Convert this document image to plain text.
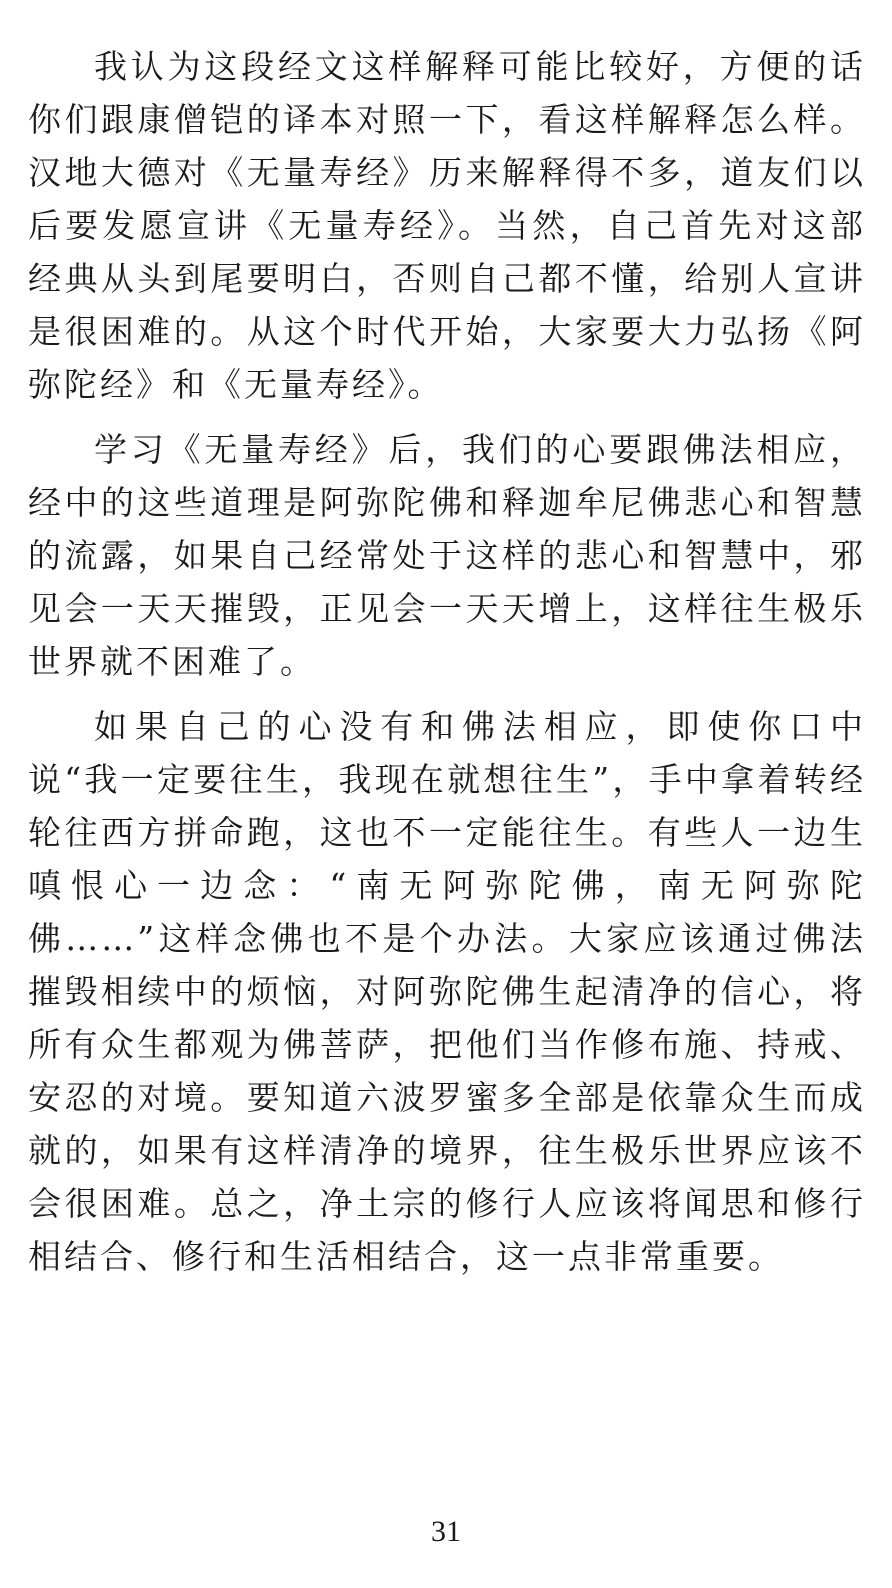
我认为这段经文这样解释可能比较好，方便的话你们跟康僧铠的译本对照一下，看这样解释怎么样。汉地大德对《无量寿经》历来解释得不多，道友们以后要发愿宣讲《无量寿经》。当然，自己首先对这部经典从头到尾要明白，否则自己都不懂，给别人宣讲是很困难的。从这个时代开始，大家要大力弘扬《阿弥陀经》和《无量寿经》。

学习《无量寿经》后，我们的心要跟佛法相应，经中的这些道理是阿弥陀佛和释迦牟尼佛悲心和智慧的流露，如果自己经常处于这样的悲心和智慧中，邪见会一天天摧毁，正见会一天天增上，这样往生极乐世界就不困难了。

如果自己的心没有和佛法相应，即使你口中说“我一定要往生，我现在就想往生”，手中拿着转经轮往西方拼命跑，这也不一定能往生。有些人一边生嗔恨心一边念：“南无阿弥陀佛，南无阿弥陀佛……”这样念佛也不是个办法。大家应该通过佛法摧毁相续中的烦恼，对阿弥陀佛生起清净的信心，将所有众生都观为佛菩萨，把他们当作修布施、持戒、安忍的对境。要知道六波罗蜜多全部是依靠众生而成就的，如果有这样清净的境界，往生极乐世界应该不会很困难。总之，净土宗的修行人应该将闻思和修行相结合、修行和生活相结合，这一点非常重要。

31
